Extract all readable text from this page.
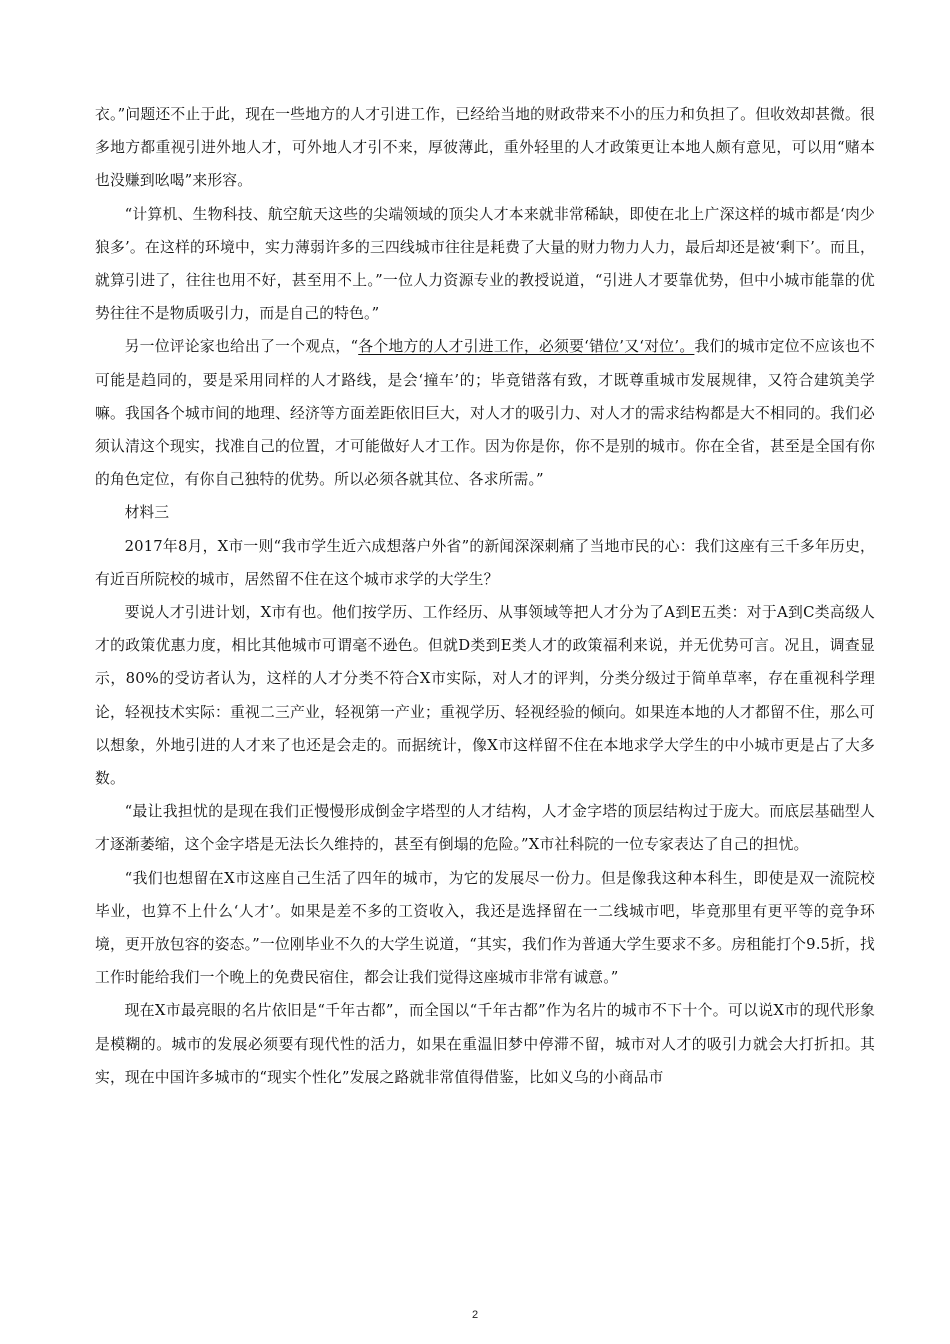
衣。”问题还不止于此，现在一些地方的人才引进工作，已经给当地的财政带来不小的压力和负担了。但收效却甚微。很多地方都重视引进外地人才，可外地人才引不来，厚彼薄此，重外轻里的人才政策更让本地人颇有意见，可以用“赌本也没赚到吆喝”来形容。

“计算机、生物科技、航空航天这些的尖端领域的顶尖人才本来就非常稀缺，即使在北上广深这样的城市都是‘肉少狼多’。在这样的环境中，实力薄弱许多的三四线城市往往是耗费了大量的财力物力人力，最后却还是被‘剩下’。而且，就算引进了，往往也用不好，甚至用不上。”一位人力资源专业的教授说道，“引进人才要靠优势，但中小城市能靠的优势往往不是物质吸引力，而是自己的特色。”

另一位评论家也给出了一个观点，“各个地方的人才引进工作，必须要‘错位’又‘对位’。我们的城市定位不应该也不可能是趋同的，要是采用同样的人才路线，是会‘撞车’的；毕竟错落有致，才既尊重城市发展规律，又符合建筑美学嘛。我国各个城市间的地理、经济等方面差距依旧巨大，对人才的吸引力、对人才的需求结构都是大不相同的。我们必须认清这个现实，找准自己的位置，才可能做好人才工作。因为你是你，你不是别的城市。你在全省，甚至是全国有你的角色定位，有你自己独特的优势。所以必须各就其位、各求所需。”

材料三

2017年8月，X市一则“我市学生近六成想落户外省”的新闻深深刺痛了当地市民的心：我们这座有三千多年历史，有近百所院校的城市，居然留不住在这个城市求学的大学生？

要说人才引进计划，X市有也。他们按学历、工作经历、从事领域等把人才分为了A到E五类：对于A到C类高级人才的政策优惠力度，相比其他城市可谓毫不逊色。但就D类到E类人才的政策福利来说，并无优势可言。况且，调查显示，80%的受访者认为，这样的人才分类不符合X市实际，对人才的评判，分类分级过于简单草率，存在重视科学理论，轻视技术实际：重视二三产业，轻视第一产业；重视学历、轻视经验的倾向。如果连本地的人才都留不住，那么可以想象，外地引进的人才来了也还是会走的。而据统计，像X市这样留不住在本地求学大学生的中小城市更是占了大多数。

“最让我担忧的是现在我们正慢慢形成倒金字塔型的人才结构，人才金字塔的顶层结构过于庞大。而底层基础型人才逐渐萎缩，这个金字塔是无法长久维持的，甚至有倒塌的危险。”X市社科院的一位专家表达了自己的担忧。

“我们也想留在X市这座自己生活了四年的城市，为它的发展尽一份力。但是像我这种本科生，即使是双一流院校毕业，也算不上什么‘人才’。如果是差不多的工资收入，我还是选择留在一二线城市吧，毕竟那里有更平等的竞争环境，更开放包容的姿态。”一位刚毕业不久的大学生说道，“其实，我们作为普通大学生要求不多。房租能打个9.5折，找工作时能给我们一个晚上的免费民宿住，都会让我们觉得这座城市非常有诚意。”

现在X市最亮眼的名片依旧是“千年古都”，而全国以“千年古都”作为名片的城市不下十个。可以说X市的现代形象是模糊的。城市的发展必须要有现代性的活力，如果在重温旧梦中停滞不留，城市对人才的吸引力就会大打折扣。其实，现在中国许多城市的“现实个性化”发展之路就非常值得借鉴，比如义乌的小商品市

2
